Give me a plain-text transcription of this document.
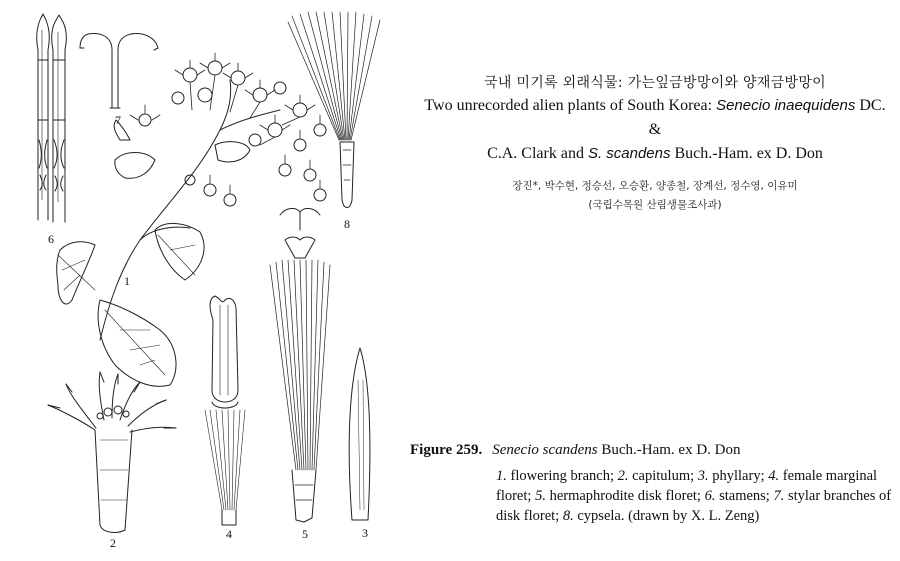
1
2
3
4	5
6
7
8
국내 미기록 외래식물: 가는잎금방망이와 양재금방망이
Two unrecorded alien plants of South Korea: Senecio inaequidens DC. &
C.A. Clark and S. scandens Buch.-Ham. ex D. Don
장진*, 박수현, 정승선, 오승환, 양종철, 장계선, 정수영, 이유미
(국립수목원 산림생물조사과)
Figure 259. Senecio scandens Buch.-Ham. ex D. Don
1. flowering branch; 2. capitulum; 3. phyllary; 4. female marginal floret; 5. hermaphrodite disk floret; 6. stamens; 7. stylar branches of disk floret; 8. cypsela. (drawn by X. L. Zeng)
